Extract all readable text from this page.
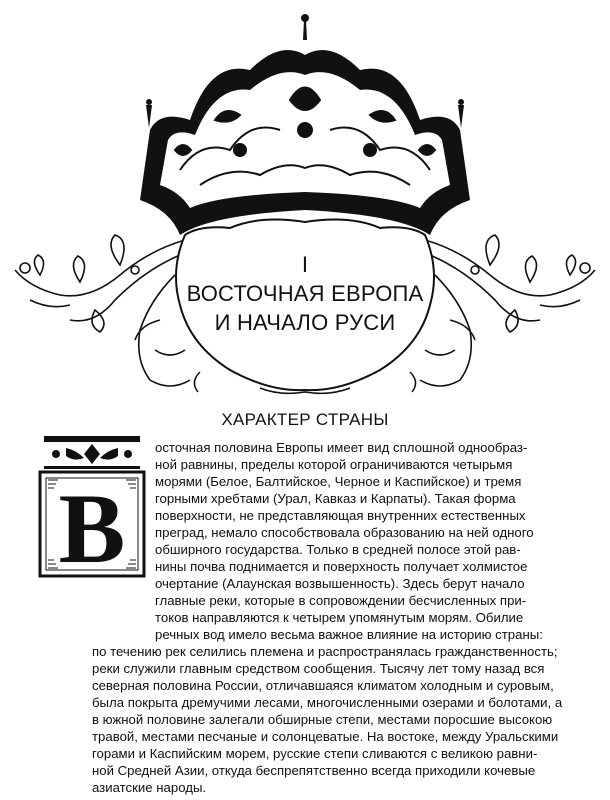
I
ВОСТОЧНАЯ ЕВРОПА
И НАЧАЛО РУСИ
ХАРАКТЕР СТРАНЫ
В
осточная половина Европы имеет вид сплошной однообраз-
ной равнины, пределы которой ограничиваются четырьмя
морями (Белое, Балтийское, Черное и Каспийское) и тремя
горными хребтами (Урал, Кавказ и Карпаты). Такая форма
поверхности, не представляющая внутренних естественных
преград, немало способствовала образованию на ней одного
обширного государства. Только в средней полосе этой рав-
нины почва поднимается и поверхность получает холмистое
очертание (Алаунская возвышенность). Здесь берут начало
главные реки, которые в сопровождении бесчисленных при-
токов направляются к четырем упомянутым морям. Обилие
речных вод имело весьма важное влияние на историю страны:
по течению рек селились племена и распространялась гражданственность;
реки служили главным средством сообщения. Тысячу лет тому назад вся
северная половина России, отличавшаяся климатом холодным и суровым,
была покрыта дремучими лесами, многочисленными озерами и болотами, а
в южной половине залегали обширные степи, местами поросшие высокою
травой, местами песчаные и солонцеватые. На востоке, между Уральскими
горами и Каспийским морем, русские степи сливаются с великою равни-
ной Средней Азии, откуда беспрепятственно всегда приходили кочевые
азиатские народы.
